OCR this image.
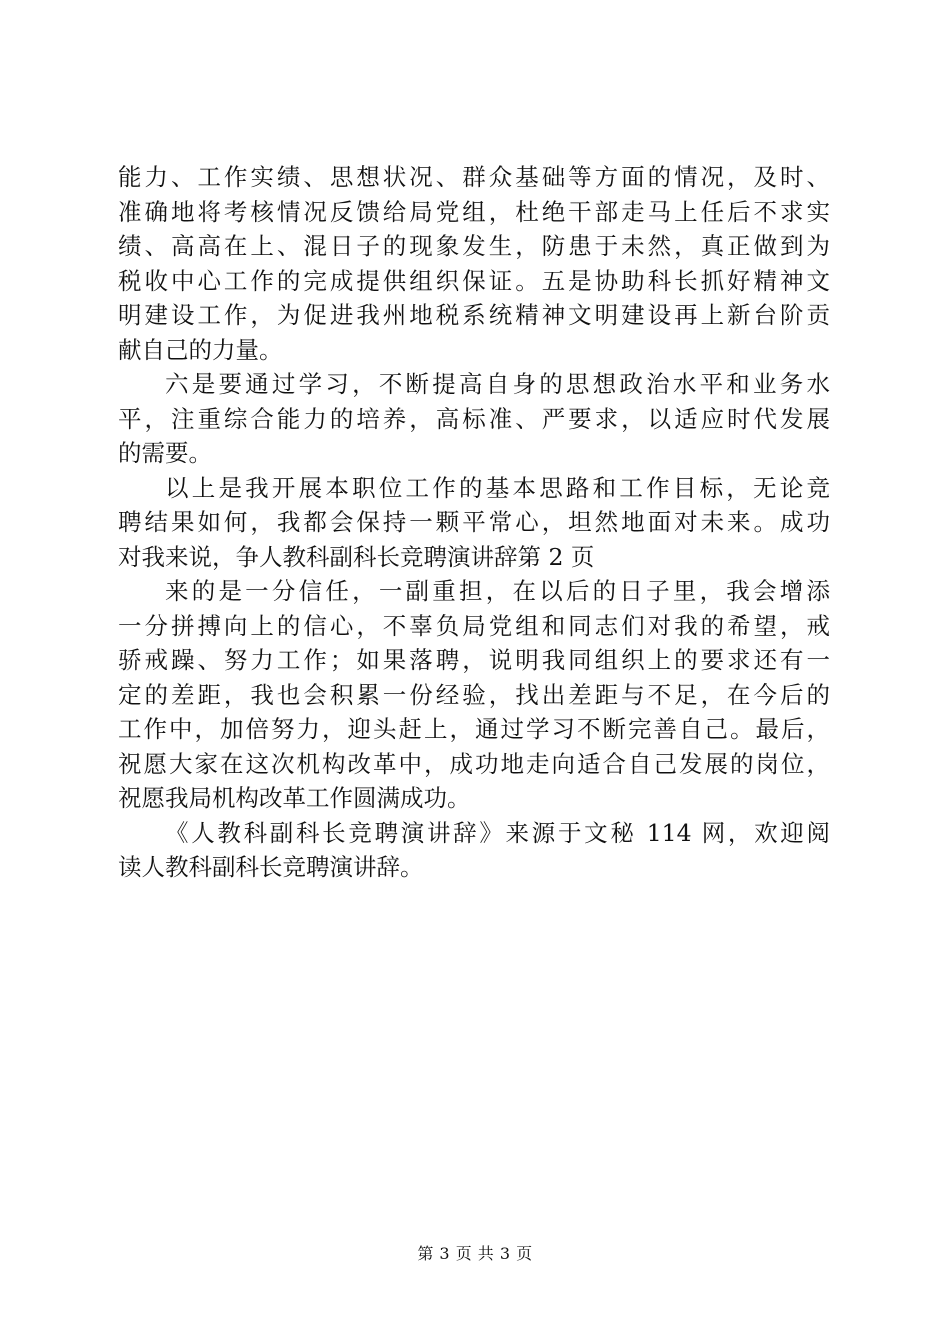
能力、工作实绩、思想状况、群众基础等方面的情况，及时、
准确地将考核情况反馈给局党组，杜绝干部走马上任后不求实
绩、高高在上、混日子的现象发生，防患于未然，真正做到为
税收中心工作的完成提供组织保证。五是协助科长抓好精神文
明建设工作，为促进我州地税系统精神文明建设再上新台阶贡
献自己的力量。
六是要通过学习，不断提高自身的思想政治水平和业务水
平，注重综合能力的培养，高标准、严要求，以适应时代发展
的需要。
以上是我开展本职位工作的基本思路和工作目标，无论竞
聘结果如何，我都会保持一颗平常心，坦然地面对未来。成功
对我来说，争人教科副科长竞聘演讲辞第 2 页
来的是一分信任，一副重担，在以后的日子里，我会增添
一分拼搏向上的信心，不辜负局党组和同志们对我的希望，戒
骄戒躁、努力工作；如果落聘，说明我同组织上的要求还有一
定的差距，我也会积累一份经验，找出差距与不足，在今后的
工作中，加倍努力，迎头赶上，通过学习不断完善自己。最后，
祝愿大家在这次机构改革中，成功地走向适合自己发展的岗位，
祝愿我局机构改革工作圆满成功。
《人教科副科长竞聘演讲辞》来源于文秘 114 网，欢迎阅
读人教科副科长竞聘演讲辞。
第 3 页 共 3 页
